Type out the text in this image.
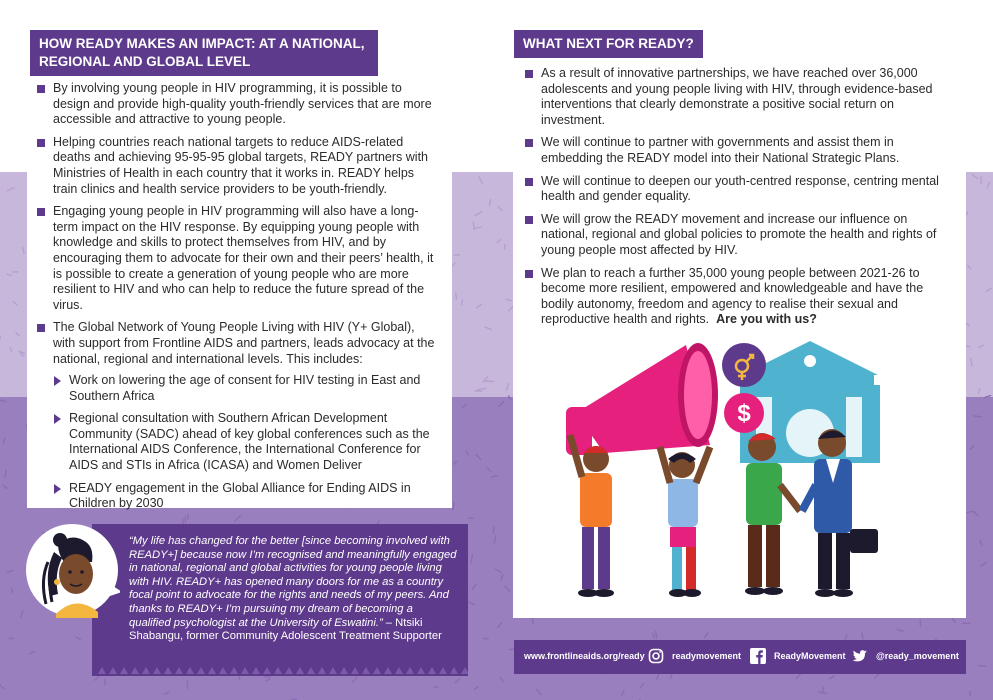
HOW READY MAKES AN IMPACT: AT A NATIONAL, REGIONAL AND GLOBAL LEVEL
By involving young people in HIV programming, it is possible to design and provide high-quality youth-friendly services that are more accessible and attractive to young people.
Helping countries reach national targets to reduce AIDS-related deaths and achieving 95-95-95 global targets, READY partners with Ministries of Health in each country that it works in. READY helps train clinics and health service providers to be youth-friendly.
Engaging young people in HIV programming will also have a long-term impact on the HIV response. By equipping young people with knowledge and skills to protect themselves from HIV, and by encouraging them to advocate for their own and their peers’ health, it is possible to create a generation of young people who are more resilient to HIV and who can help to reduce the future spread of the virus.
The Global Network of Young People Living with HIV (Y+ Global), with support from Frontline AIDS and partners, leads advocacy at the national, regional and international levels. This includes:
Work on lowering the age of consent for HIV testing in East and Southern Africa
Regional consultation with Southern African Development Community (SADC) ahead of key global conferences such as the International AIDS Conference, the International Conference for AIDS and STIs in Africa (ICASA) and Women Deliver
READY engagement in the Global Alliance for Ending AIDS in Children by 2030
“My life has changed for the better [since becoming involved with READY+] because now I’m recognised and meaningfully engaged in national, regional and global activities for young people living with HIV. READY+ has opened many doors for me as a country focal point to advocate for the rights and needs of my peers. And thanks to READY+ I’m pursuing my dream of becoming a qualified psychologist at the University of Eswatini.” – Ntsiki Shabangu, former Community Adolescent Treatment Supporter
WHAT NEXT FOR READY?
As a result of innovative partnerships, we have reached over 36,000 adolescents and young people living with HIV, through evidence-based interventions that clearly demonstrate a positive social return on investment.
We will continue to partner with governments and assist them in embedding the READY model into their National Strategic Plans.
We will continue to deepen our youth-centred response, centring mental health and gender equality.
We will grow the READY movement and increase our influence on national, regional and global policies to promote the health and rights of young people most affected by HIV.
We plan to reach a further 35,000 young people between 2021-26 to become more resilient, empowered and knowledgeable and have the bodily autonomy, freedom and agency to realise their sexual and reproductive health and rights. Are you with us?
$
www.frontlineaids.org/ready	readymovement	ReadyMovement	@ready_movement
